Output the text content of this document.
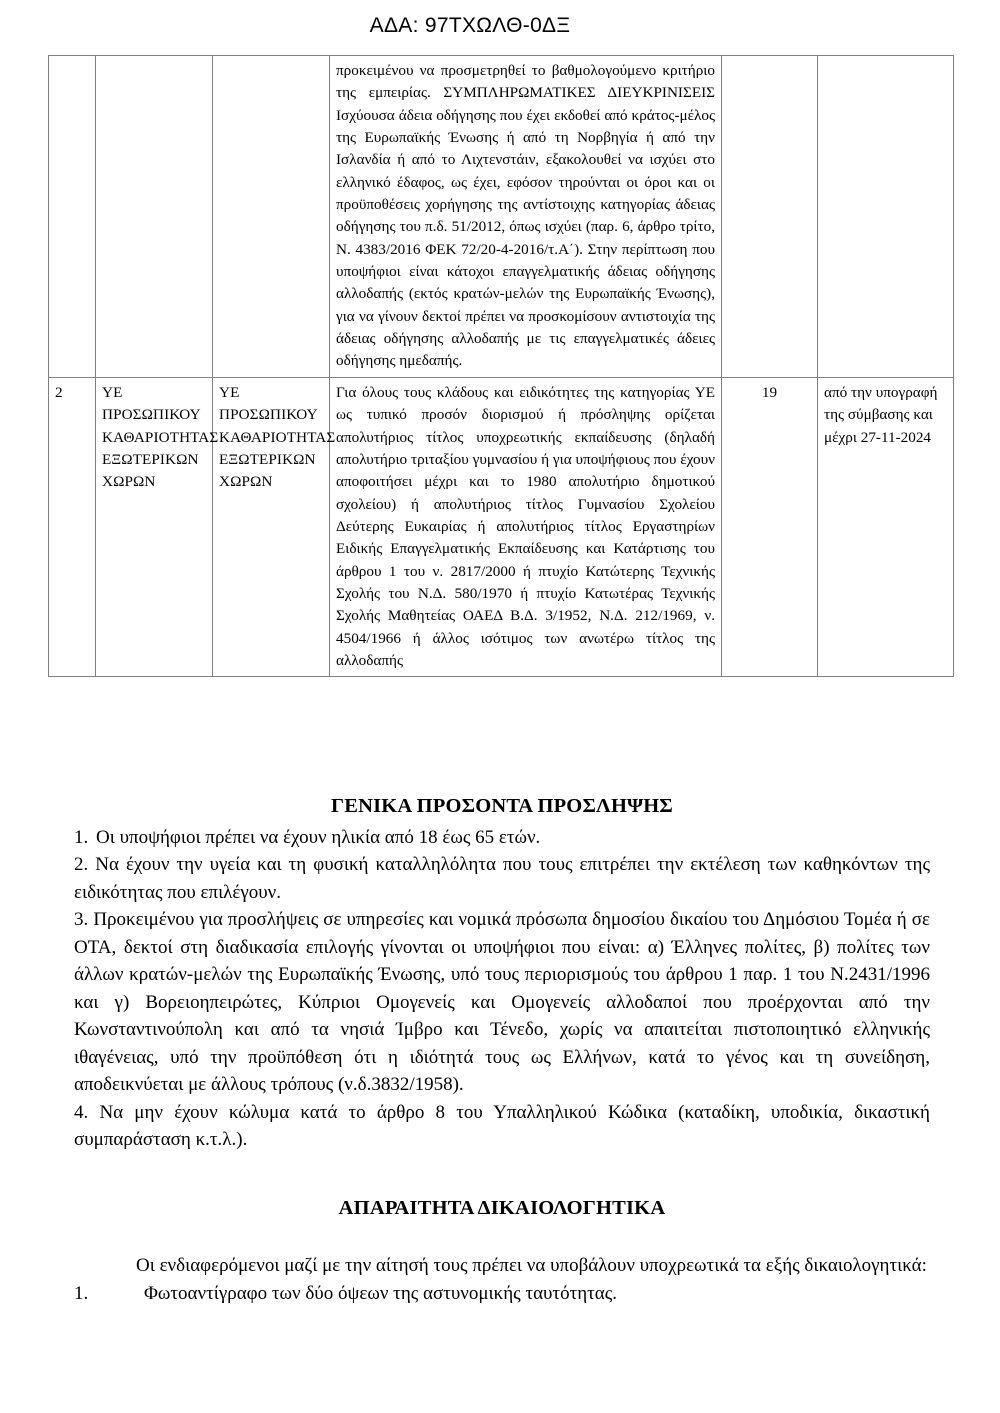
ΑΔΑ: 97ΤΧΩΛΘ-0ΔΞ
			προκειμένου να προσμετρηθεί το βαθμολογούμενο κριτήριο της εμπειρίας. ΣΥΜΠΛΗΡΩΜΑΤΙΚΕΣ ΔΙΕΥΚΡΙΝΙΣΕΙΣ Ισχύουσα άδεια οδήγησης που έχει εκδοθεί από κράτος-μέλος της Ευρωπαϊκής Ένωσης ή από τη Νορβηγία ή από την Ισλανδία ή από το Λιχτενστάιν, εξακολουθεί να ισχύει στο ελληνικό έδαφος, ως έχει, εφόσον τηρούνται οι όροι και οι προϋποθέσεις χορήγησης της αντίστοιχης κατηγορίας άδειας οδήγησης του π.δ. 51/2012, όπως ισχύει (παρ. 6, άρθρο τρίτο, Ν. 4383/2016 ΦΕΚ 72/20-4-2016/τ.Α΄). Στην περίπτωση που υποψήφιοι είναι κάτοχοι επαγγελματικής άδειας οδήγησης αλλοδαπής (εκτός κρατών-μελών της Ευρωπαϊκής Ένωσης), για να γίνουν δεκτοί πρέπει να προσκομίσουν αντιστοιχία της άδειας οδήγησης αλλοδαπής με τις επαγγελματικές άδειες οδήγησης ημεδαπής.		
2	ΥΕ ΠΡΟΣΩΠΙΚΟΥ ΚΑΘΑΡΙΟΤΗΤΑΣ ΕΞΩΤΕΡΙΚΩΝ ΧΩΡΩΝ	ΥΕ ΠΡΟΣΩΠΙΚΟΥ ΚΑΘΑΡΙΟΤΗΤΑΣ ΕΞΩΤΕΡΙΚΩΝ ΧΩΡΩΝ	Για όλους τους κλάδους και ειδικότητες της κατηγορίας ΥΕ ως τυπικό προσόν διορισμού ή πρόσληψης ορίζεται απολυτήριος τίτλος υποχρεωτικής εκπαίδευσης (δηλαδή απολυτήριο τριταξίου γυμνασίου ή για υποψήφιους που έχουν αποφοιτήσει μέχρι και το 1980 απολυτήριο δημοτικού σχολείου) ή απολυτήριος τίτλος Γυμνασίου Σχολείου Δεύτερης Ευκαιρίας ή απολυτήριος τίτλος Εργαστηρίων Ειδικής Επαγγελματικής Εκπαίδευσης και Κατάρτισης του άρθρου 1 του ν. 2817/2000 ή πτυχίο Κατώτερης Τεχνικής Σχολής του Ν.Δ. 580/1970 ή πτυχίο Κατωτέρας Τεχνικής Σχολής Μαθητείας ΟΑΕΔ Β.Δ. 3/1952, Ν.Δ. 212/1969, ν. 4504/1966 ή άλλος ισότιμος των ανωτέρω τίτλος της αλλοδαπής	19	από την υπογραφή της σύμβασης και μέχρι 27-11-2024
ΓΕΝΙΚΑ ΠΡΟΣΟΝΤΑ ΠΡΟΣΛΗΨΗΣ

1. Οι υποψήφιοι πρέπει να έχουν ηλικία από 18 έως 65 ετών.

2. Να έχουν την υγεία και τη φυσική καταλληλόλητα που τους επιτρέπει την εκτέλεση των καθηκόντων της ειδικότητας που επιλέγουν.

3. Προκειμένου για προσλήψεις σε υπηρεσίες και νομικά πρόσωπα δημοσίου δικαίου του Δημόσιου Τομέα ή σε ΟΤΑ, δεκτοί στη διαδικασία επιλογής γίνονται οι υποψήφιοι που είναι: α) Έλληνες πολίτες, β) πολίτες των άλλων κρατών-μελών της Ευρωπαϊκής Ένωσης, υπό τους περιορισμούς του άρθρου 1 παρ. 1 του Ν.2431/1996 και γ) Βορειοηπειρώτες, Κύπριοι Ομογενείς και Ομογενείς αλλοδαποί που προέρχονται από την Κωνσταντινούπολη και από τα νησιά Ίμβρο και Τένεδο, χωρίς να απαιτείται πιστοποιητικό ελληνικής ιθαγένειας, υπό την προϋπόθεση ότι η ιδιότητά τους ως Ελλήνων, κατά το γένος και τη συνείδηση, αποδεικνύεται με άλλους τρόπους (ν.δ.3832/1958).

4. Να μην έχουν κώλυμα κατά το άρθρο 8 του Υπαλληλικού Κώδικα (καταδίκη, υποδικία, δικαστική συμπαράσταση κ.τ.λ.).

ΑΠΑΡΑΙΤΗΤΑ ΔΙΚΑΙΟΛΟΓΗΤΙΚΑ

Οι ενδιαφερόμενοι μαζί με την αίτησή τους πρέπει να υποβάλουν υποχρεωτικά τα εξής δικαιολογητικά:

1.	Φωτοαντίγραφο των δύο όψεων της αστυνομικής ταυτότητας.
